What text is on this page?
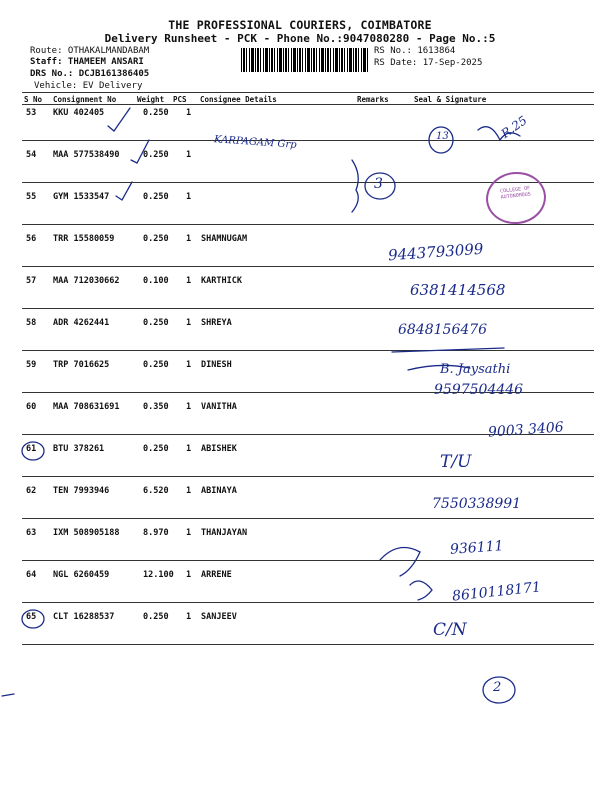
THE PROFESSIONAL COURIERS, COIMBATORE
Delivery Runsheet - PCK - Phone No.:9047080280 - Page No.:5
Route: OTHAKALMANDABAM
Staff: THAMEEM ANSARI
DRS No.: DCJB161386405
Vehicle: EV Delivery
RS No.: 1613864
RS Date: 17-Sep-2025
S No Consignment No	Weight PCS Consignee Details	Remarks	Seal & Signature
53 KKU 402405	0.250 1
54 MAA 577538490	0.250 1
55 GYM 1533547	0.250 1
56 TRR 15580059	0.250 1 SHAMNUGAM
57 MAA 712030662	0.100 1 KARTHICK
58 ADR 4262441	0.250 1 SHREYA
59 TRP 7016625	0.250 1 DINESH
60 MAA 708631691	0.350 1 VANITHA
61 BTU 378261	0.250 1 ABISHEK
62 TEN 7993946	6.520 1 ABINAYA
63 IXM 508905188	8.970 1 THANJAYAN
64 NGL 6260459	12.100 1 ARRENE
65 CLT 16288537	0.250 1 SANJEEV
KARPAGAM Grp
3
13	R.25
COLLEGE OF AUTONOMOUS
9443793099
6381414568
6848156476
B. Jaysathi
9597504446
9003 3406
T/U
7550338991
936111
8610118171
C/N
2
